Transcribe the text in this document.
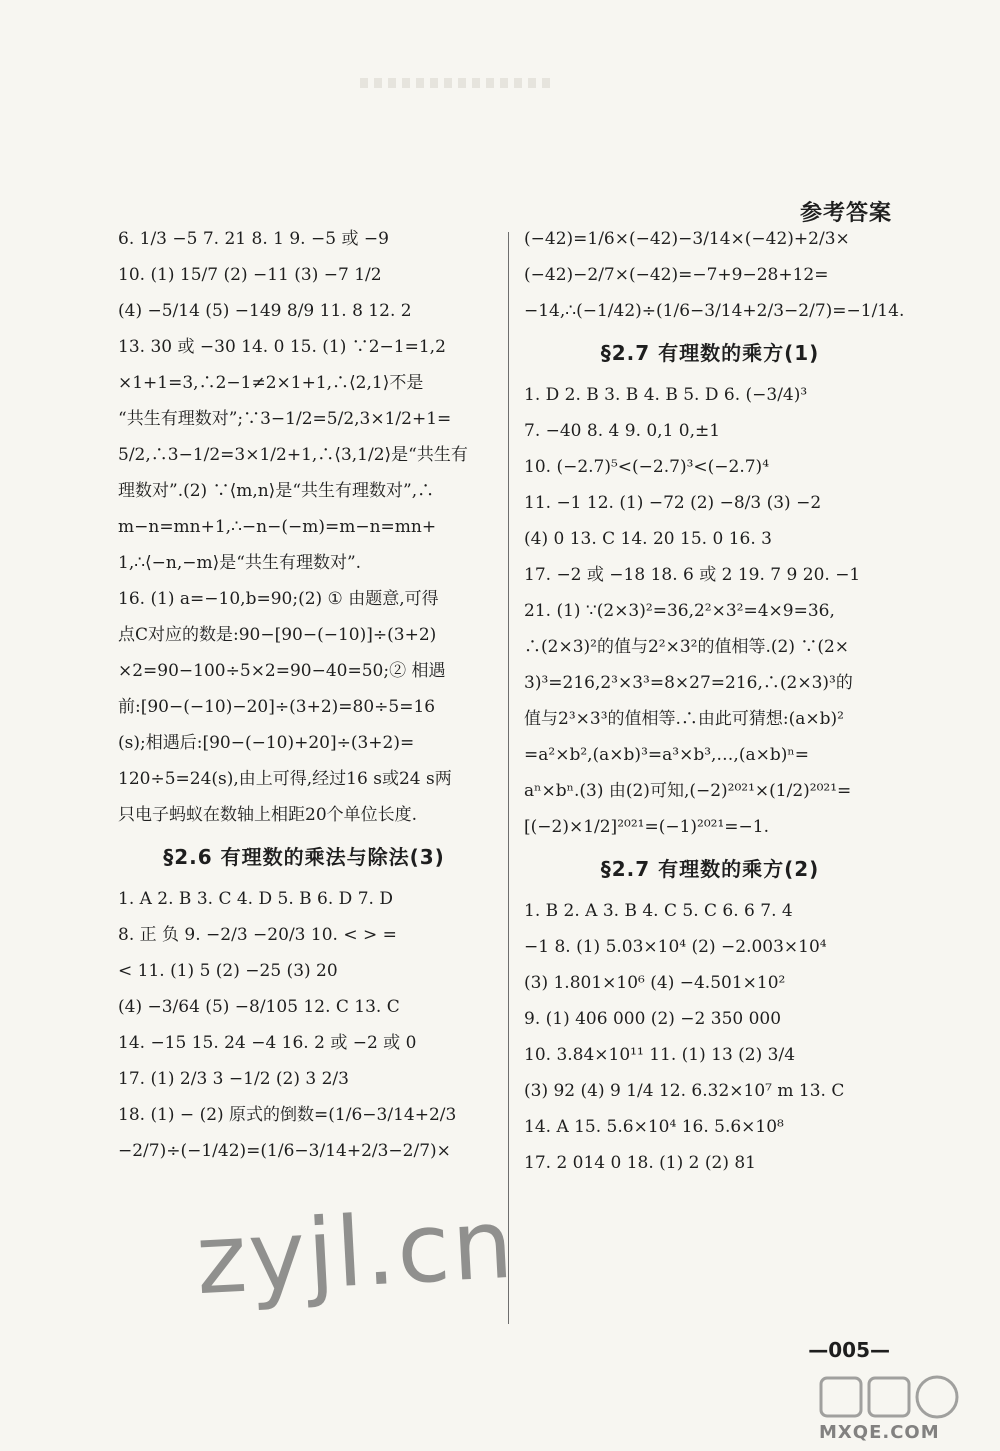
参考答案
6. 1/3 −5 7. 21 8. 1 9. −5 或 −9
10. (1) 15/7 (2) −11 (3) −7 1/2
(4) −5/14 (5) −149 8/9 11. 8 12. 2
13. 30 或 −30 14. 0 15. (1) ∵2−1=1,2
×1+1=3,∴2−1≠2×1+1,∴⟨2,1⟩不是
“共生有理数对”;∵3−1/2=5/2,3×1/2+1=
5/2,∴3−1/2=3×1/2+1,∴⟨3,1/2⟩是“共生有
理数对”.(2) ∵⟨m,n⟩是“共生有理数对”,∴
m−n=mn+1,∴−n−(−m)=m−n=mn+
1,∴⟨−n,−m⟩是“共生有理数对”.
16. (1) a=−10,b=90;(2) ① 由题意,可得
点C对应的数是:90−[90−(−10)]÷(3+2)
×2=90−100÷5×2=90−40=50;② 相遇
前:[90−(−10)−20]÷(3+2)=80÷5=16
(s);相遇后:[90−(−10)+20]÷(3+2)=
120÷5=24(s),由上可得,经过16 s或24 s两
只电子蚂蚁在数轴上相距20个单位长度.
§2.6 有理数的乘法与除法(3)
1. A 2. B 3. C 4. D 5. B 6. D 7. D
8. 正 负 9. −2/3 −20/3 10. < > =
< 11. (1) 5 (2) −25 (3) 20
(4) −3/64 (5) −8/105 12. C 13. C
14. −15 15. 24 −4 16. 2 或 −2 或 0
17. (1) 2/3 3 −1/2 (2) 3 2/3
18. (1) − (2) 原式的倒数=(1/6−3/14+2/3
−2/7)÷(−1/42)=(1/6−3/14+2/3−2/7)×
(−42)=1/6×(−42)−3/14×(−42)+2/3×
(−42)−2/7×(−42)=−7+9−28+12=
−14,∴(−1/42)÷(1/6−3/14+2/3−2/7)=−1/14.
§2.7 有理数的乘方(1)
1. D 2. B 3. B 4. B 5. D 6. (−3/4)³
7. −40 8. 4 9. 0,1 0,±1
10. (−2.7)⁵<(−2.7)³<(−2.7)⁴
11. −1 12. (1) −72 (2) −8/3 (3) −2
(4) 0 13. C 14. 20 15. 0 16. 3
17. −2 或 −18 18. 6 或 2 19. 7 9 20. −1
21. (1) ∵(2×3)²=36,2²×3²=4×9=36,
∴(2×3)²的值与2²×3²的值相等.(2) ∵(2×
3)³=216,2³×3³=8×27=216,∴(2×3)³的
值与2³×3³的值相等.∴由此可猜想:(a×b)²
=a²×b²,(a×b)³=a³×b³,…,(a×b)ⁿ=
aⁿ×bⁿ.(3) 由(2)可知,(−2)²⁰²¹×(1/2)²⁰²¹=
[(−2)×1/2]²⁰²¹=(−1)²⁰²¹=−1.
§2.7 有理数的乘方(2)
1. B 2. A 3. B 4. C 5. C 6. 6 7. 4
−1 8. (1) 5.03×10⁴ (2) −2.003×10⁴
(3) 1.801×10⁶ (4) −4.501×10²
9. (1) 406 000 (2) −2 350 000
10. 3.84×10¹¹ 11. (1) 13 (2) 3/4
(3) 92 (4) 9 1/4 12. 6.32×10⁷ m 13. C
14. A 15. 5.6×10⁴ 16. 5.6×10⁸
17. 2 014 0 18. (1) 2 (2) 81
—005—
zyjl.cn
MXQE.COM
